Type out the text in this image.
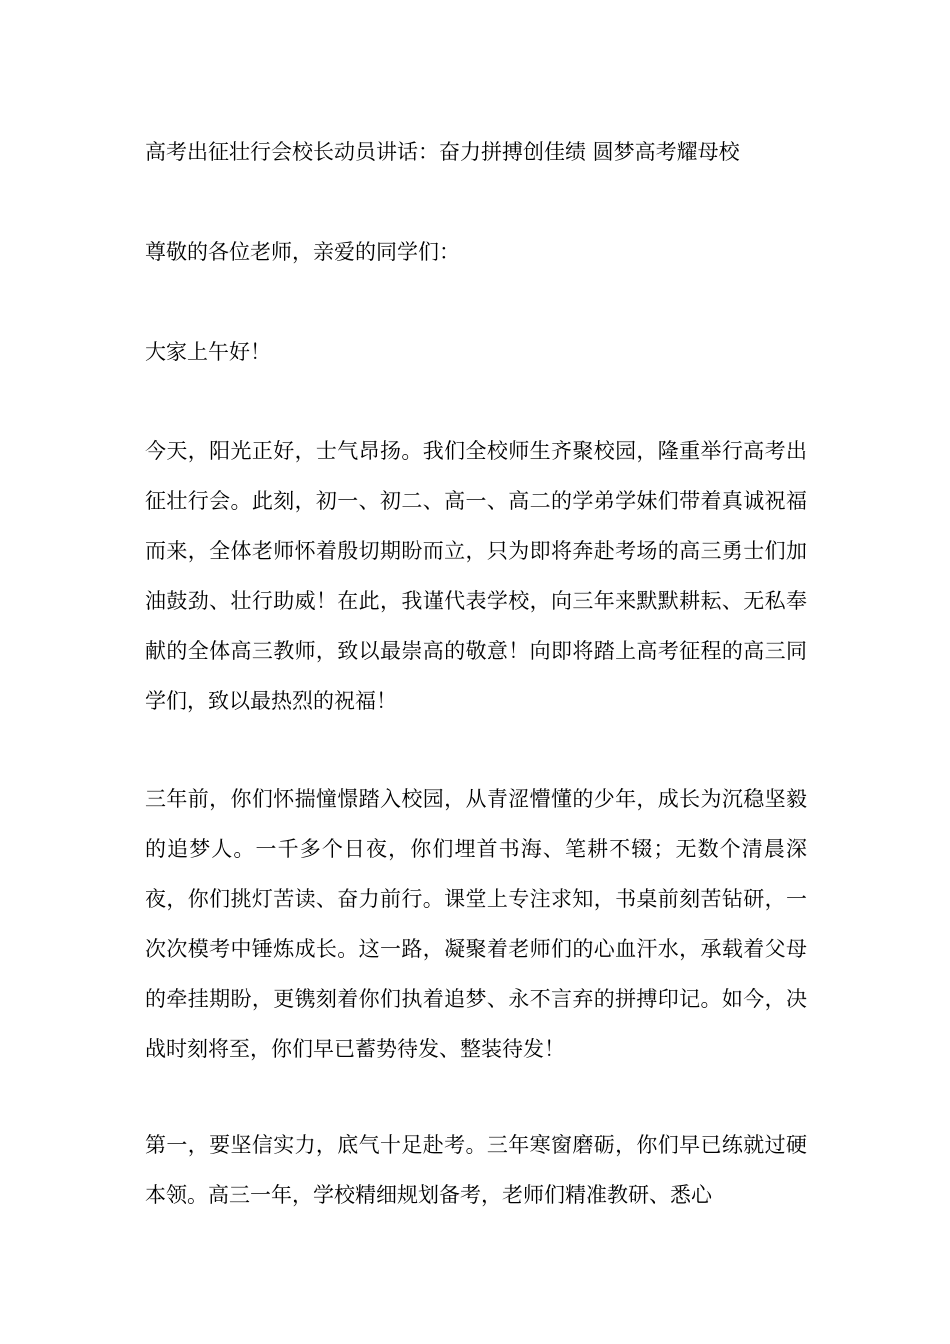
高考出征壮行会校长动员讲话：奋力拼搏创佳绩 圆梦高考耀母校
尊敬的各位老师，亲爱的同学们：
大家上午好！
今天，阳光正好，士气昂扬。我们全校师生齐聚校园，隆重举行高考出征壮行会。此刻，初一、初二、高一、高二的学弟学妹们带着真诚祝福而来，全体老师怀着殷切期盼而立，只为即将奔赴考场的高三勇士们加油鼓劲、壮行助威！在此，我谨代表学校，向三年来默默耕耘、无私奉献的全体高三教师，致以最崇高的敬意！向即将踏上高考征程的高三同学们，致以最热烈的祝福！
三年前，你们怀揣憧憬踏入校园，从青涩懵懂的少年，成长为沉稳坚毅的追梦人。一千多个日夜，你们埋首书海、笔耕不辍；无数个清晨深夜，你们挑灯苦读、奋力前行。课堂上专注求知，书桌前刻苦钻研，一次次模考中锤炼成长。这一路，凝聚着老师们的心血汗水，承载着父母的牵挂期盼，更镌刻着你们执着追梦、永不言弃的拼搏印记。如今，决战时刻将至，你们早已蓄势待发、整装待发！
第一，要坚信实力，底气十足赴考。三年寒窗磨砺，你们早已练就过硬本领。高三一年，学校精细规划备考，老师们精准教研、悉心
